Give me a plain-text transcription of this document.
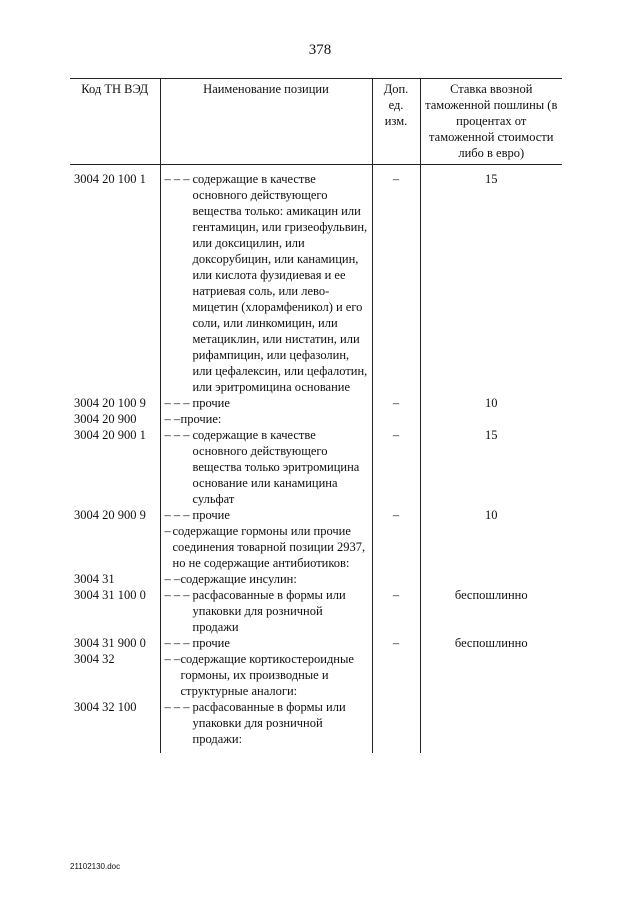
378
Код ТН ВЭД	Наименование позиции	Доп. ед. изм.	Ставка ввозной таможенной пошлины (в процентах от таможенной стоимости либо в евро)
3004 20 100 1	– – – содержащие в качестве основного действующего вещества только: амикацин или гентамицин, или гризеофульвин, или доксицилин, или доксорубицин, или канамицин, или кислота фузидиевая и ее натриевая соль, или левомицетин (хлорамфеникол) и его соли, или линкомицин, или метациклин, или нистатин, или рифампицин, или цефазолин, или цефалексин, или цефалотин, или эритромицина основание	–	15
3004 20 100 9	– – – прочие	–	10
3004 20 900	– – прочие:		

3004 20 900 1	– – – содержащие в качестве основного действующего вещества только эритромицина основание или канамицина сульфат	–	15
3004 20 900 9	– – – прочие	–	10

	– содержащие гормоны или прочие соединения товарной позиции 2937, но не содержащие антибиотиков:		

3004 31	– – содержащие инсулин:		

3004 31 100 0	– – – расфасованные в формы или упаковки для розничной продажи	–	беспошлинно
3004 31 900 0	– – – прочие	–	беспошлинно
3004 32	– – содержащие кортикостероидные гормоны, их производные и структурные аналоги:		

3004 32 100	– – – расфасованные в формы или упаковки для розничной продажи:		

21102130.doc
